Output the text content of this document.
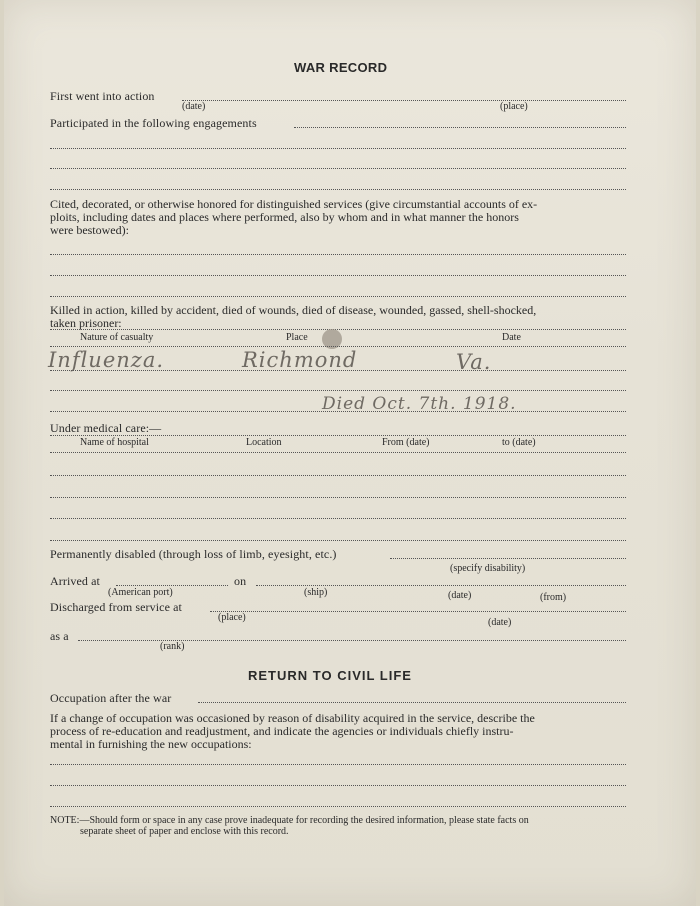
WAR RECORD
First went into action
(date)	(place)
Participated in the following engagements
Cited, decorated, or otherwise honored for distinguished services (give circumstantial accounts of ex-
ploits, including dates and places where performed, also by whom and in what manner the honors
were bestowed):
Killed in action, killed by accident, died of wounds, died of disease, wounded, gassed, shell-shocked,
taken prisoner:
Nature of casualty	Place	Date
Influenza.	Richmond	Va.
Died Oct. 7th. 1918.
Under medical care:—
Name of hospital	Location	From (date)	to (date)
Permanently disabled (through loss of limb, eyesight, etc.)
(specify disability)
Arrived at	on
(American port)	(ship)	(date)	(from)
Discharged from service at
(place)	(date)
as a
(rank)
RETURN TO CIVIL LIFE
Occupation after the war
If a change of occupation was occasioned by reason of disability acquired in the service, describe the
process of re-education and readjustment, and indicate the agencies or individuals chiefly instru-
mental in furnishing the new occupations:
NOTE:—Should form or space in any case prove inadequate for recording the desired information, please state facts on
separate sheet of paper and enclose with this record.
